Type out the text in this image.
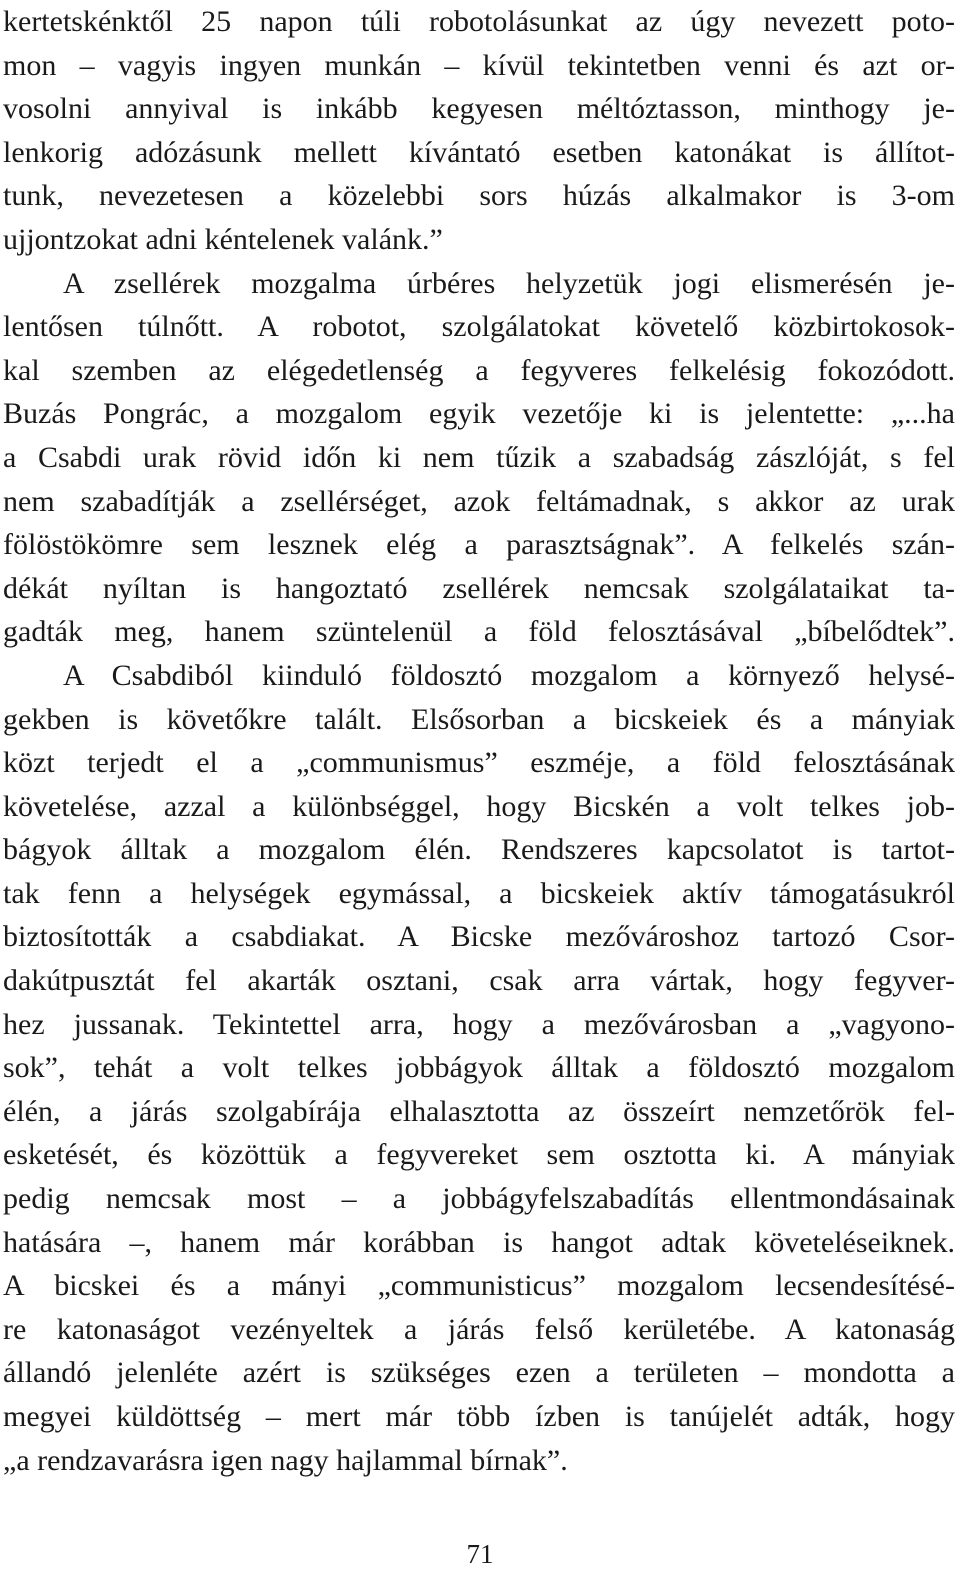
kertetskénktől 25 napon túli robotolásunkat az úgy nevezett poto-
mon – vagyis ingyen munkán – kívül tekintetben venni és azt or-
vosolni annyival is inkább kegyesen méltóztasson, minthogy je-
lenkorig adózásunk mellett kívántató esetben katonákat is állítot-
tunk, nevezetesen a közelebbi sors húzás alkalmakor is 3-om
ujjontzokat adni kéntelenek valánk.”
A zsellérek mozgalma úrbéres helyzetük jogi elismerésén je-
lentősen túlnőtt. A robotot, szolgálatokat követelő közbirtokosok-
kal szemben az elégedetlenség a fegyveres felkelésig fokozódott.
Buzás Pongrác, a mozgalom egyik vezetője ki is jelentette: „...ha
a Csabdi urak rövid időn ki nem tűzik a szabadság zászlóját, s fel
nem szabadítják a zsellérséget, azok feltámadnak, s akkor az urak
fölöstökömre sem lesznek elég a parasztságnak”. A felkelés szán-
dékát nyíltan is hangoztató zsellérek nemcsak szolgálataikat ta-
gadták meg, hanem szüntelenül a föld felosztásával „bíbelődtek”.
A Csabdiból kiinduló földosztó mozgalom a környező helysé-
gekben is követőkre talált. Elsősorban a bicskeiek és a mányiak
közt terjedt el a „communismus” eszméje, a föld felosztásának
követelése, azzal a különbséggel, hogy Bicskén a volt telkes job-
bágyok álltak a mozgalom élén. Rendszeres kapcsolatot is tartot-
tak fenn a helységek egymással, a bicskeiek aktív támogatásukról
biztosították a csabdiakat. A Bicske mezővároshoz tartozó Csor-
dakútpusztát fel akarták osztani, csak arra vártak, hogy fegyver-
hez jussanak. Tekintettel arra, hogy a mezővárosban a „vagyono-
sok”, tehát a volt telkes jobbágyok álltak a földosztó mozgalom
élén, a járás szolgabírája elhalasztotta az összeírt nemzetőrök fel-
esketését, és közöttük a fegyvereket sem osztotta ki. A mányiak
pedig nemcsak most – a jobbágyfelszabadítás ellentmondásainak
hatására –, hanem már korábban is hangot adtak követeléseiknek.
A bicskei és a mányi „communisticus” mozgalom lecsendesítésé-
re katonaságot vezényeltek a járás felső kerületébe. A katonaság
állandó jelenléte azért is szükséges ezen a területen – mondotta a
megyei küldöttség – mert már több ízben is tanújelét adták, hogy
„a rendzavarásra igen nagy hajlammal bírnak”.
71
